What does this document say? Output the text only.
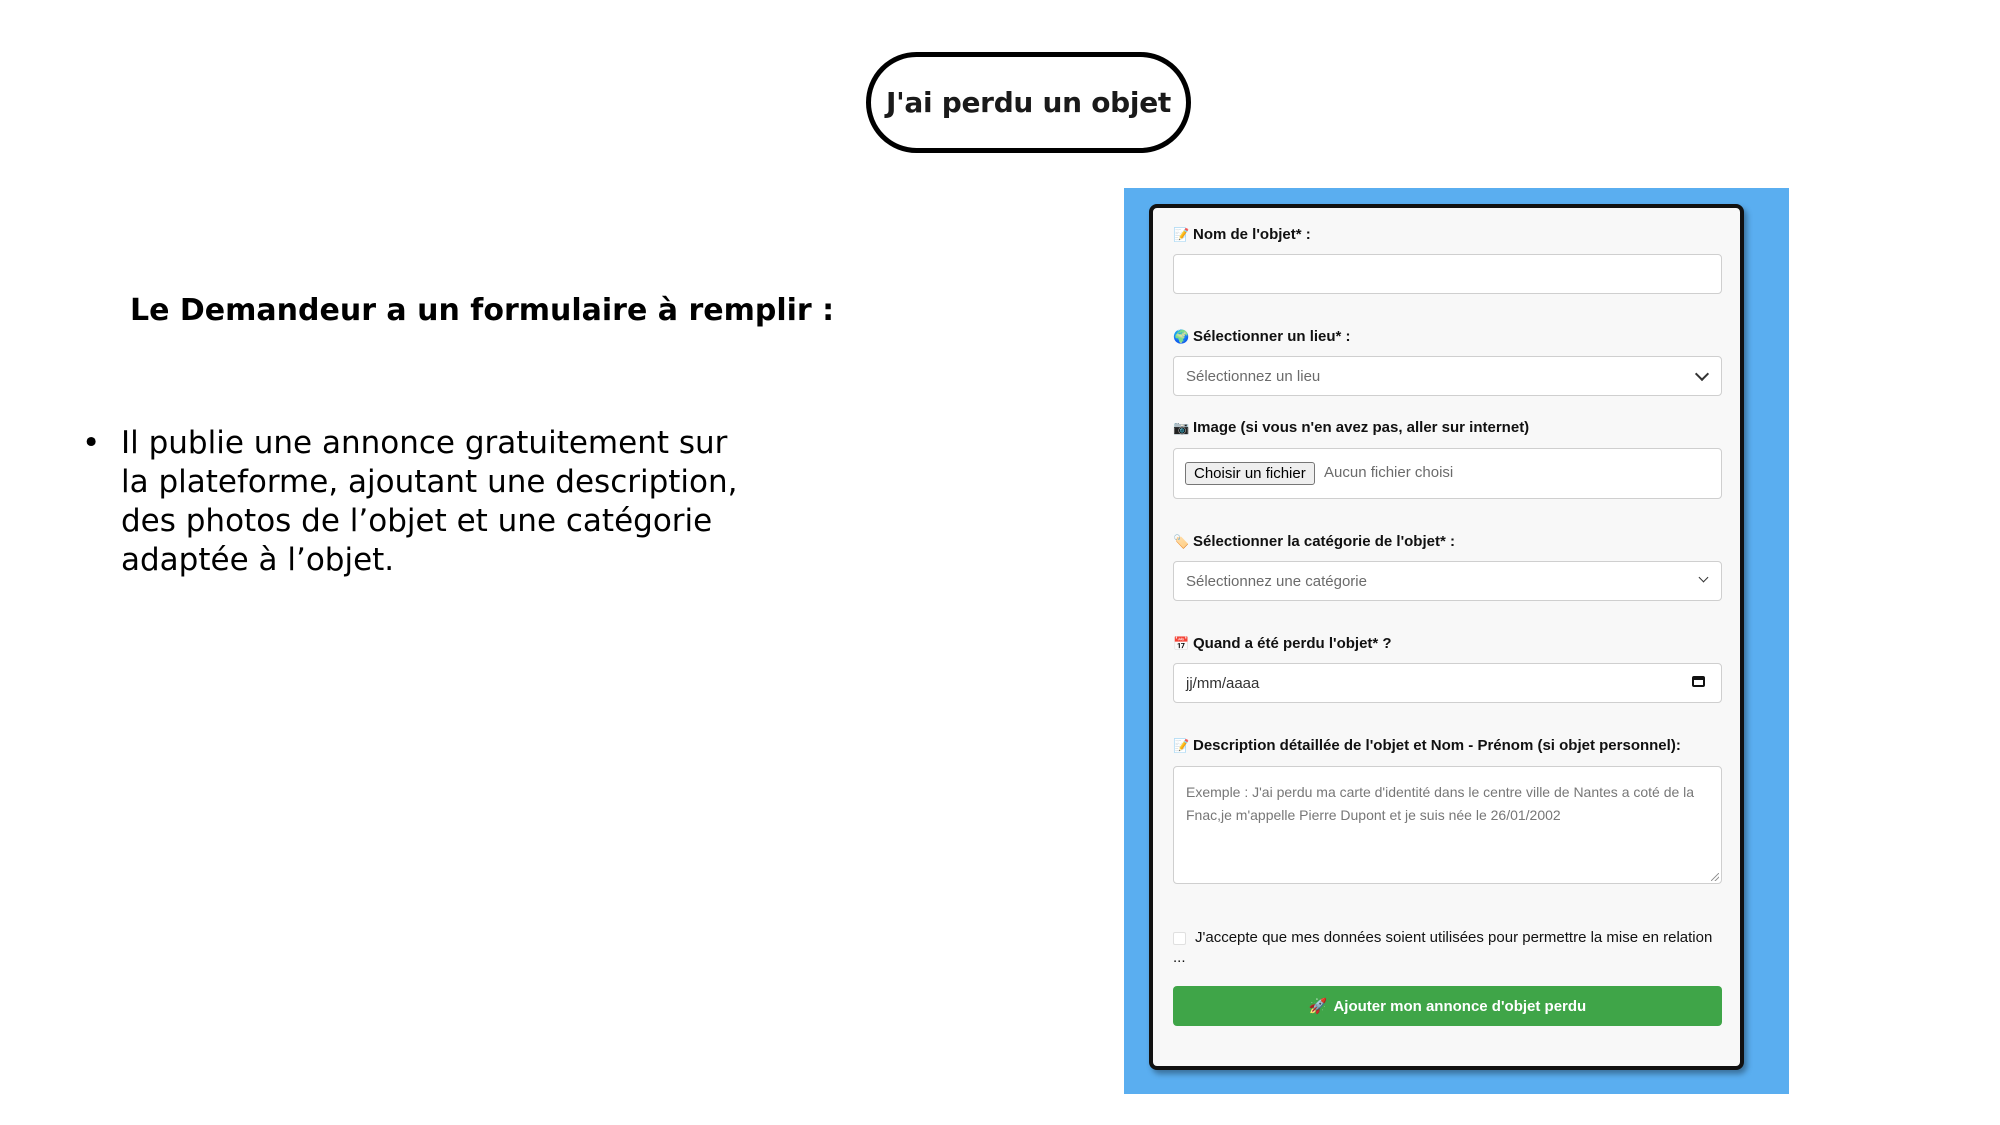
J'ai perdu un objet
Le Demandeur a un formulaire à remplir :
• Il publie une annonce gratuitement sur la plateforme, ajoutant une description, des photos de l’objet et une catégorie adaptée à l’objet.
📝 Nom de l'objet* :
🌍 Sélectionner un lieu* :
Sélectionnez un lieu
📷 Image (si vous n'en avez pas, aller sur internet)
Choisir un fichier	Aucun fichier choisi
🏷️ Sélectionner la catégorie de l'objet* :
Sélectionnez une catégorie
📅 Quand a été perdu l'objet* ?
jj/mm/aaaa
📝 Description détaillée de l'objet et Nom - Prénom (si objet personnel):
Exemple : J'ai perdu ma carte d'identité dans le centre ville de Nantes a coté de la Fnac,je m'appelle Pierre Dupont et je suis née le 26/01/2002
J'accepte que mes données soient utilisées pour permettre la mise en relation ...
🚀 Ajouter mon annonce d'objet perdu
